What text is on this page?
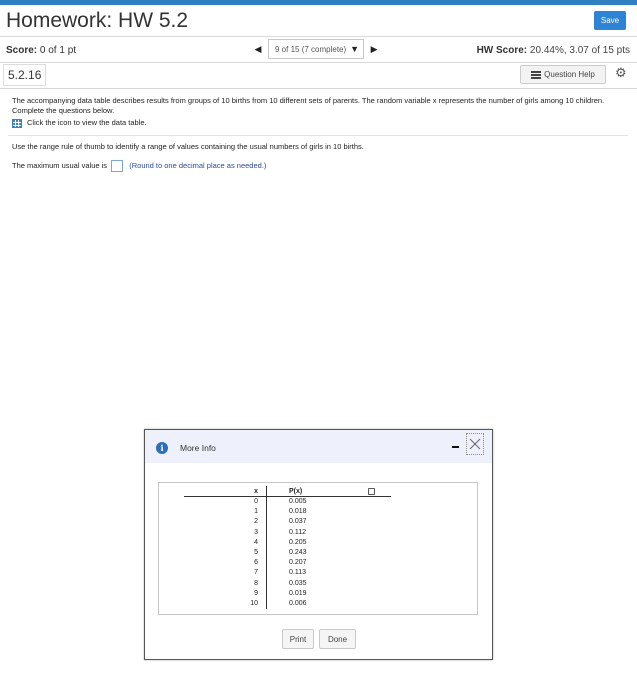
Homework: HW 5.2	Save
Score: 0 of 1 pt	◀ 9 of 15 (7 complete) ▼ ▶	HW Score: 20.44%, 3.07 of 15 pts
5.2.16	Question Help ⚙
The accompanying data table describes results from groups of 10 births from 10 different sets of parents. The random variable x represents the number of girls among 10 children. Complete the questions below.
Click the icon to view the data table.
Use the range rule of thumb to identify a range of values containing the usual numbers of girls in 10 births.
The maximum usual value is	(Round to one decimal place as needed.)
i	More Info
x	P(x)
0	0.005
1	0.018
2	0.037
3	0.112
4	0.205
5	0.243
6	0.207
7	0.113
8	0.035
9	0.019
10	0.006
Print	Done
